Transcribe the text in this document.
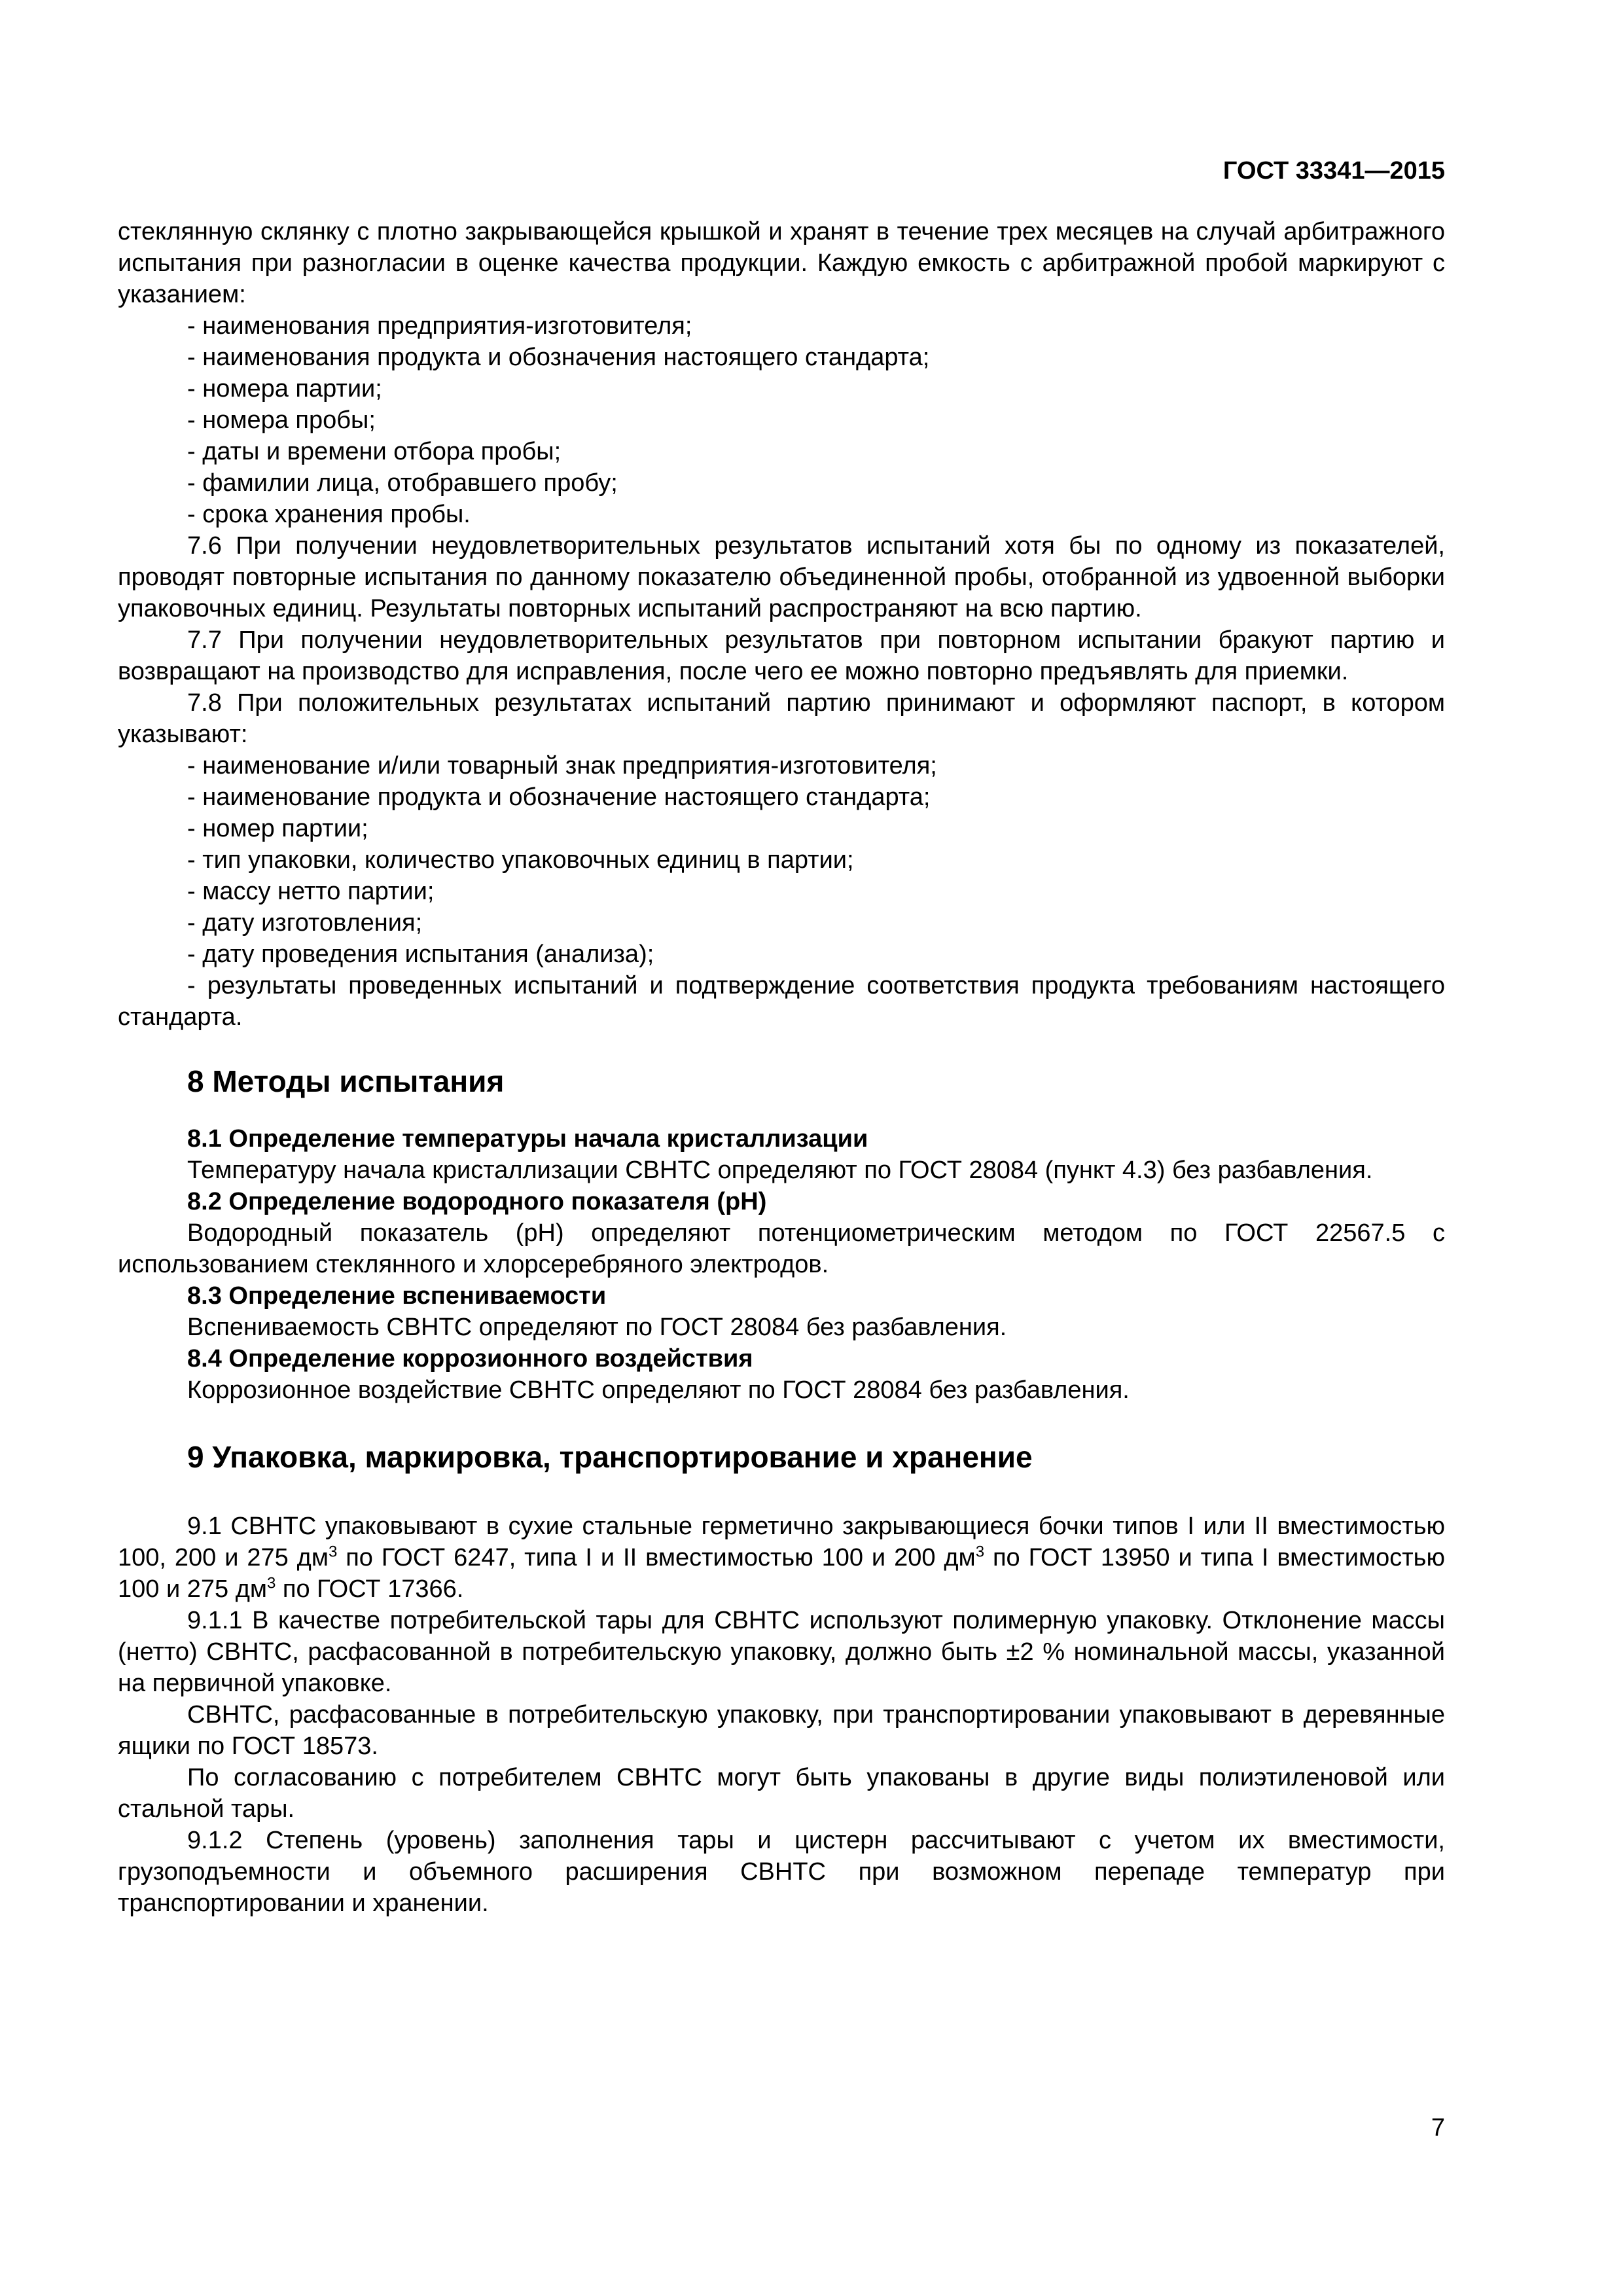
ГОСТ 33341—2015

стеклянную склянку с плотно закрывающейся крышкой и хранят в течение трех месяцев на случай арбитражного испытания при разногласии в оценке качества продукции. Каждую емкость с арбитражной пробой маркируют с указанием:

- наименования предприятия-изготовителя;

- наименования продукта и обозначения настоящего стандарта;

- номера партии;

- номера пробы;

- даты и времени отбора пробы;

- фамилии лица, отобравшего пробу;

- срока хранения пробы.

7.6 При получении неудовлетворительных результатов испытаний хотя бы по одному из показателей, проводят повторные испытания по данному показателю объединенной пробы, отобранной из удвоенной выборки упаковочных единиц. Результаты повторных испытаний распространяют на всю партию.

7.7 При получении неудовлетворительных результатов при повторном испытании бракуют партию и возвращают на производство для исправления, после чего ее можно повторно предъявлять для приемки.

7.8 При положительных результатах испытаний партию принимают и оформляют паспорт, в котором указывают:

- наименование и/или товарный знак предприятия-изготовителя;

- наименование продукта и обозначение настоящего стандарта;

- номер партии;

- тип упаковки, количество упаковочных единиц в партии;

- массу нетто партии;

- дату изготовления;

- дату проведения испытания (анализа);

- результаты проведенных испытаний и подтверждение соответствия продукта требованиям настоящего стандарта.

8 Методы испытания

8.1 Определение температуры начала кристаллизации

Температуру начала кристаллизации СВНТС определяют по ГОСТ 28084 (пункт 4.3) без разбавления.

8.2 Определение водородного показателя (pH)

Водородный показатель (pH) определяют потенциометрическим методом по ГОСТ 22567.5 с использованием стеклянного и хлорсеребряного электродов.

8.3 Определение вспениваемости

Вспениваемость СВНТС определяют по ГОСТ 28084 без разбавления.

8.4 Определение коррозионного воздействия

Коррозионное воздействие СВНТС определяют по ГОСТ 28084 без разбавления.

9 Упаковка, маркировка, транспортирование и хранение

9.1 СВНТС упаковывают в сухие стальные герметично закрывающиеся бочки типов I или II вместимостью 100, 200 и 275 $дм^3$ по ГОСТ 6247, типа I и II вместимостью 100 и 200 $дм^3$ по ГОСТ 13950 и типа I вместимостью 100 и 275 $дм^3$ по ГОСТ 17366.

9.1.1 В качестве потребительской тары для СВНТС используют полимерную упаковку. Отклонение массы (нетто) СВНТС, расфасованной в потребительскую упаковку, должно быть ±2 % номинальной массы, указанной на первичной упаковке.

СВНТС, расфасованные в потребительскую упаковку, при транспортировании упаковывают в деревянные ящики по ГОСТ 18573.

По согласованию с потребителем СВНТС могут быть упакованы в другие виды полиэтиленовой или стальной тары.

9.1.2 Степень (уровень) заполнения тары и цистерн рассчитывают с учетом их вместимости, грузоподъемности и объемного расширения СВНТС при возможном перепаде температур при транспортировании и хранении.

7
